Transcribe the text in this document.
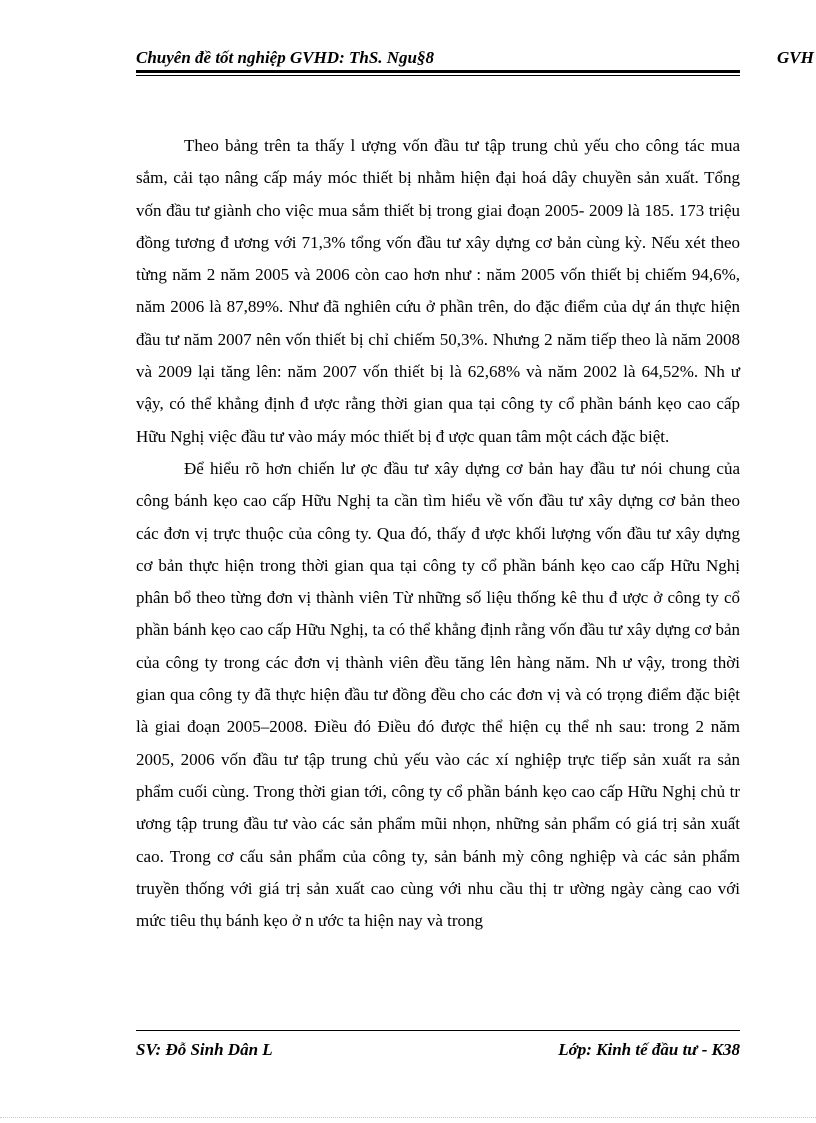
Chuyên đề tốt nghiệp GVHD: ThS. Ngu§8	GVH

Theo bảng trên ta thấy l ượng vốn đầu tư tập trung chủ yếu cho công tác mua sắm, cải tạo nâng cấp máy móc thiết bị nhằm hiện đại hoá dây chuyền sản xuất. Tổng vốn đầu tư giành cho việc mua sắm thiết bị trong giai đoạn 2005- 2009 là 185. 173 triệu đồng tương đ ương với 71,3% tổng vốn đầu tư xây dựng cơ bản cùng kỳ. Nếu xét theo từng năm 2 năm 2005 và 2006 còn cao hơn như : năm 2005 vốn thiết bị chiếm 94,6%, năm 2006 là 87,89%. Như đã nghiên cứu ở phần trên, do đặc điểm của dự án thực hiện đầu tư năm 2007 nên vốn thiết bị chỉ chiếm 50,3%. Nhưng 2 năm tiếp theo là năm 2008 và 2009 lại tăng lên: năm 2007 vốn thiết bị là 62,68% và năm 2002 là 64,52%. Nh ư vậy, có thể khẳng định đ ược rằng thời gian qua tại công ty cổ phần bánh kẹo cao cấp Hữu Nghị việc đầu tư vào máy móc thiết bị đ ược quan tâm một cách đặc biệt.

Để hiểu rõ hơn chiến lư ợc đầu tư xây dựng cơ bản hay đầu tư nói chung của công bánh kẹo cao cấp Hữu Nghị ta cần tìm hiểu về vốn đầu tư xây dựng cơ bản theo các đơn vị trực thuộc của công ty. Qua đó, thấy đ ược khối lượng vốn đầu tư xây dựng cơ bản thực hiện trong thời gian qua tại công ty cổ phần bánh kẹo cao cấp Hữu Nghị phân bổ theo từng đơn vị thành viên Từ những số liệu thống kê thu đ ược ở công ty cổ phần bánh kẹo cao cấp Hữu Nghị, ta có thể khẳng định rằng vốn đầu tư xây dựng cơ bản của công ty trong các đơn vị thành viên đều tăng lên hàng năm. Nh ư vậy, trong thời gian qua công ty đã thực hiện đầu tư đồng đều cho các đơn vị và có trọng điểm đặc biệt là giai đoạn 2005–2008. Điều đó Điều đó được thể hiện cụ thể nh sau: trong 2 năm 2005, 2006 vốn đầu tư tập trung chủ yếu vào các xí nghiệp trực tiếp sản xuất ra sản phẩm cuối cùng. Trong thời gian tới, công ty cổ phần bánh kẹo cao cấp Hữu Nghị chủ tr ương tập trung đầu tư vào các sản phẩm mũi nhọn, những sản phẩm có giá trị sản xuất cao. Trong cơ cấu sản phẩm của công ty, sản bánh mỳ công nghiệp và các sản phẩm truyền thống với giá trị sản xuất cao cùng với nhu cầu thị tr ường ngày càng cao với mức tiêu thụ bánh kẹo ở n ước ta hiện nay và trong

SV: Đỗ Sinh Dân L	Lớp: Kinh tế đầu tư - K38
